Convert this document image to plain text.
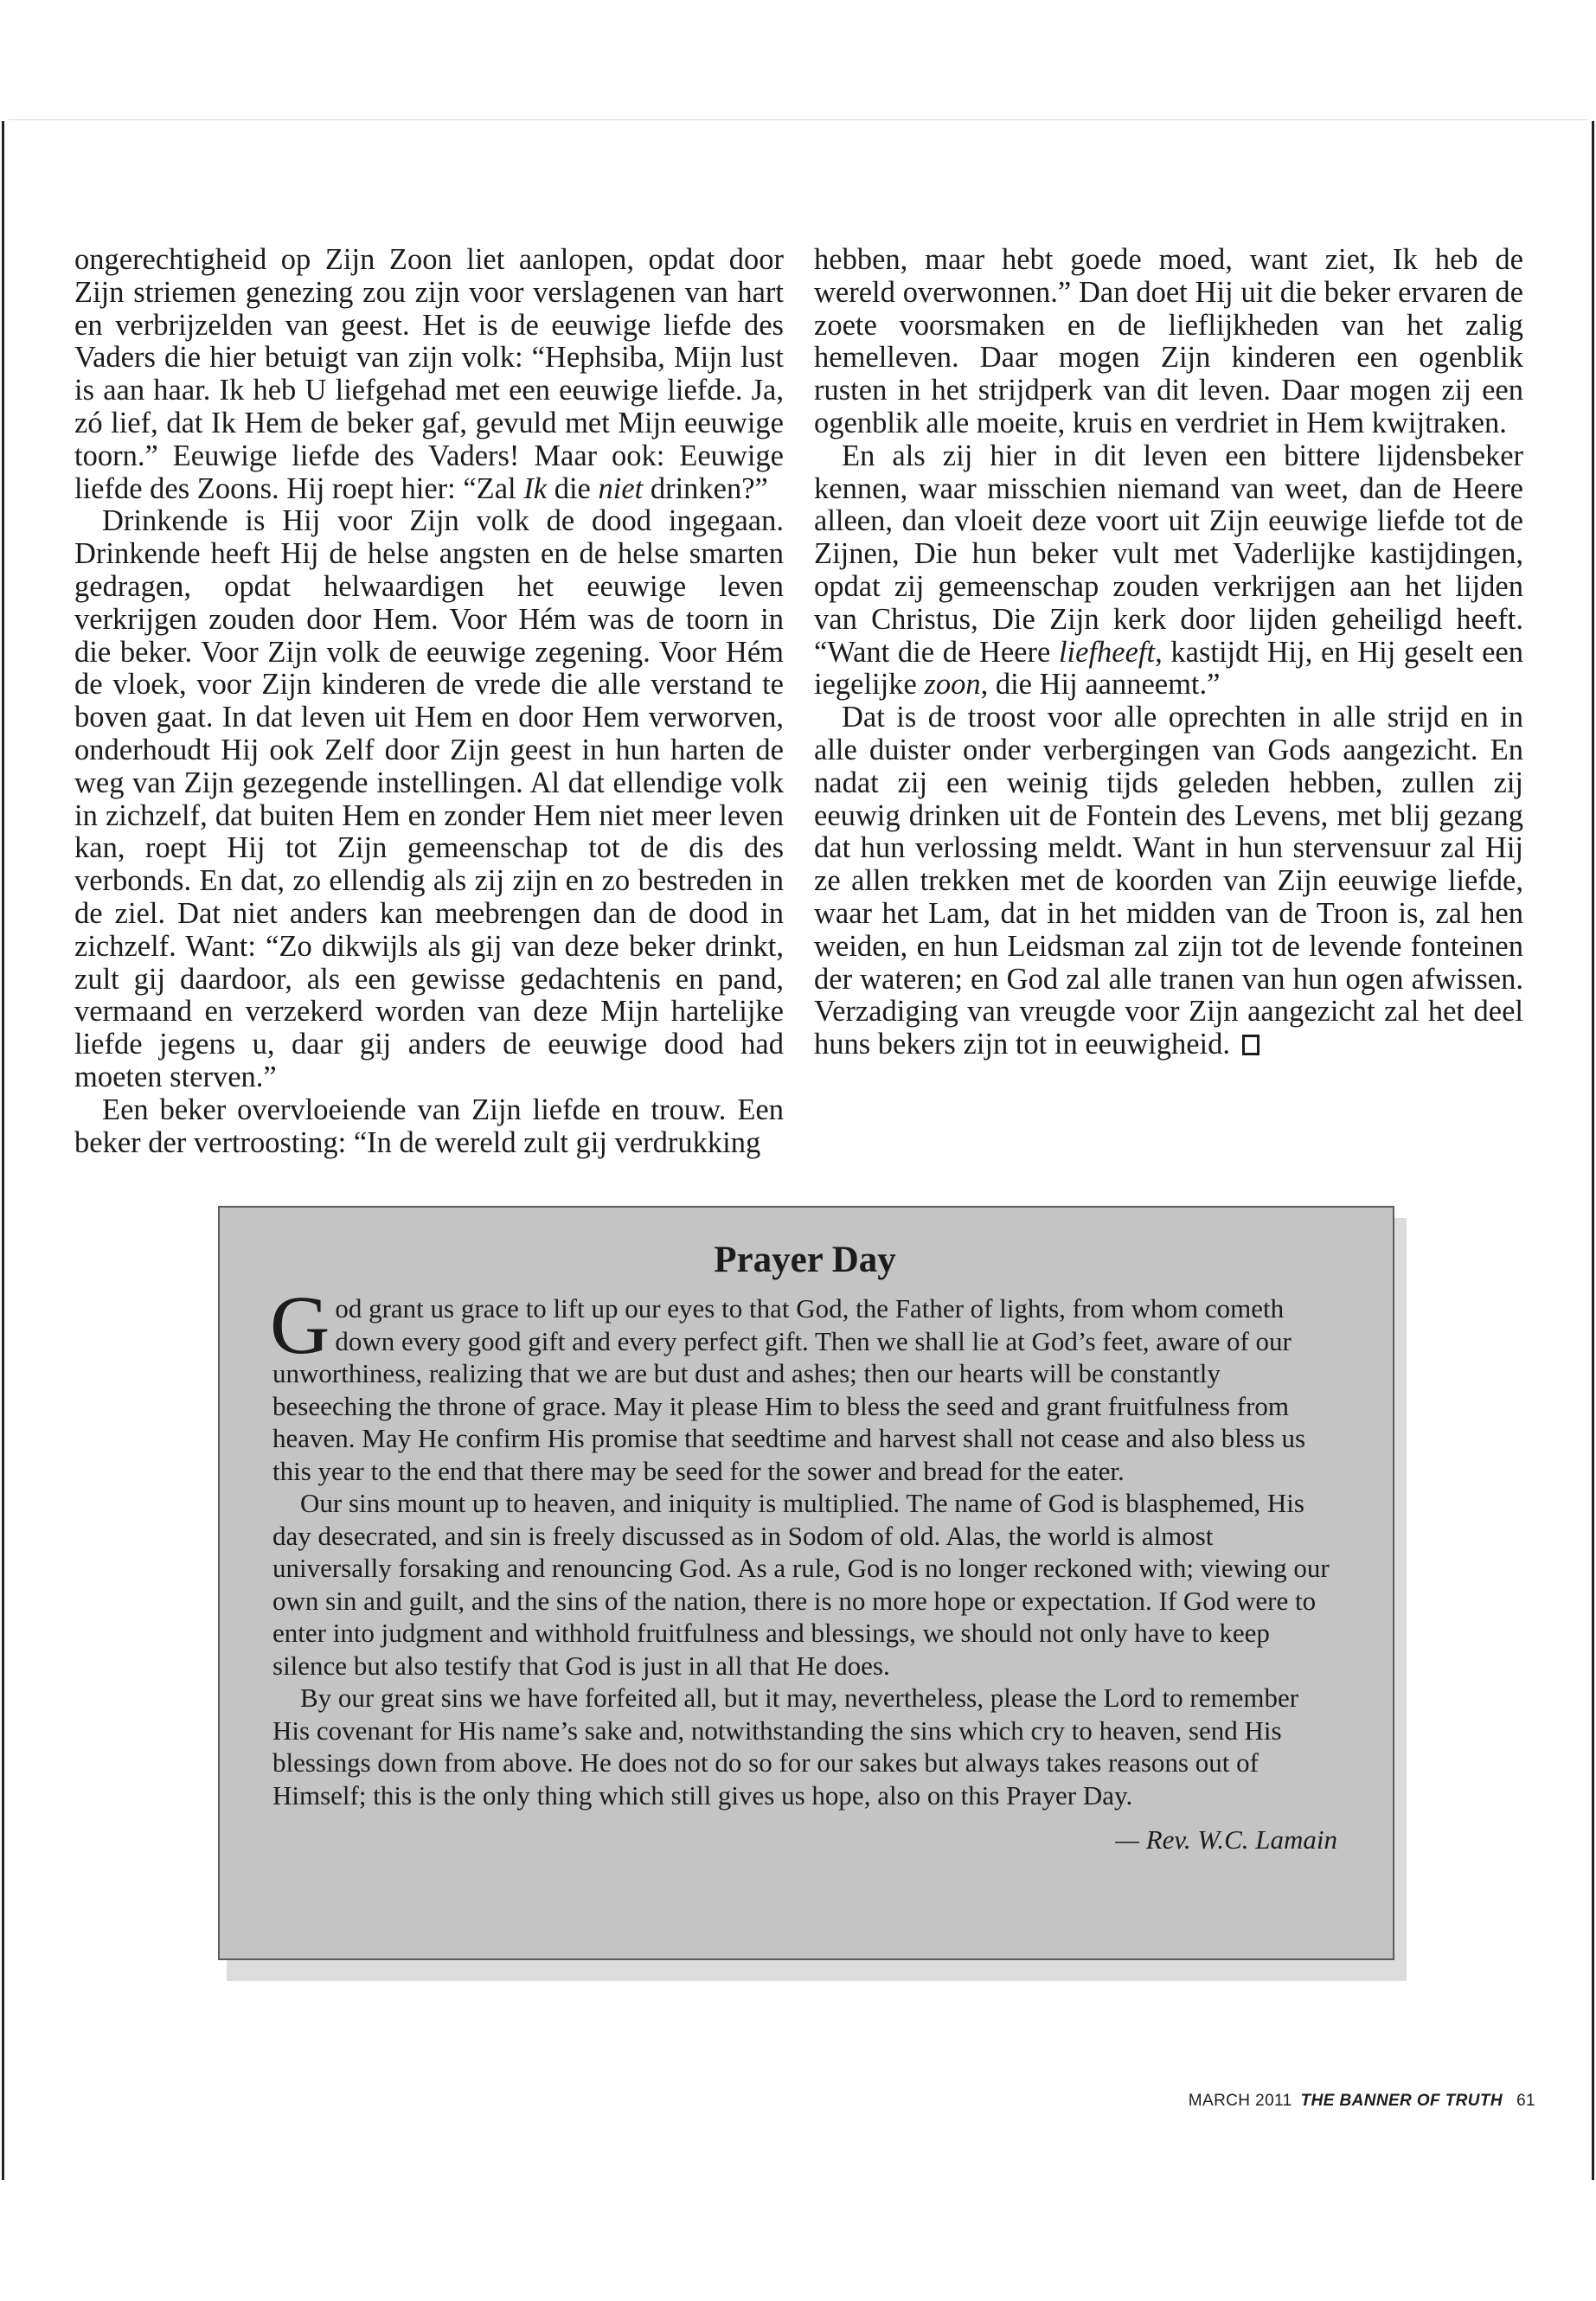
ongerechtigheid op Zijn Zoon liet aanlopen, opdat door Zijn striemen genezing zou zijn voor verslagenen van hart en verbrijzelden van geest. Het is de eeuwige liefde des Vaders die hier betuigt van zijn volk: “Hephsiba, Mijn lust is aan haar. Ik heb U liefgehad met een eeuwige liefde. Ja, zó lief, dat Ik Hem de beker gaf, gevuld met Mijn eeuwige toorn.” Eeuwige liefde des Vaders! Maar ook: Eeuwige liefde des Zoons. Hij roept hier: “Zal Ik die niet drinken?”

Drinkende is Hij voor Zijn volk de dood ingegaan. Drinkende heeft Hij de helse angsten en de helse smarten gedragen, opdat helwaardigen het eeuwige leven verkrijgen zouden door Hem. Voor Hém was de toorn in die beker. Voor Zijn volk de eeuwige zegening. Voor Hém de vloek, voor Zijn kinderen de vrede die alle verstand te boven gaat. In dat leven uit Hem en door Hem verworven, onderhoudt Hij ook Zelf door Zijn geest in hun harten de weg van Zijn gezegende instellingen. Al dat ellendige volk in zichzelf, dat buiten Hem en zonder Hem niet meer leven kan, roept Hij tot Zijn gemeenschap tot de dis des verbonds. En dat, zo ellendig als zij zijn en zo bestreden in de ziel. Dat niet anders kan meebrengen dan de dood in zichzelf. Want: “Zo dikwijls als gij van deze beker drinkt, zult gij daardoor, als een gewisse gedachtenis en pand, vermaand en verzekerd worden van deze Mijn hartelijke liefde jegens u, daar gij anders de eeuwige dood had moeten sterven.”

Een beker overvloeiende van Zijn liefde en trouw. Een beker der vertroosting: “In de wereld zult gij verdrukking

hebben, maar hebt goede moed, want ziet, Ik heb de wereld overwonnen.” Dan doet Hij uit die beker ervaren de zoete voorsmaken en de lieflijkheden van het zalig hemelleven. Daar mogen Zijn kinderen een ogenblik rusten in het strijdperk van dit leven. Daar mogen zij een ogenblik alle moeite, kruis en verdriet in Hem kwijtraken.

En als zij hier in dit leven een bittere lijdensbeker kennen, waar misschien niemand van weet, dan de Heere alleen, dan vloeit deze voort uit Zijn eeuwige liefde tot de Zijnen, Die hun beker vult met Vaderlijke kastijdingen, opdat zij gemeenschap zouden verkrijgen aan het lijden van Christus, Die Zijn kerk door lijden geheiligd heeft. “Want die de Heere liefheeft, kastijdt Hij, en Hij geselt een iegelijke zoon, die Hij aanneemt.”

Dat is de troost voor alle oprechten in alle strijd en in alle duister onder verbergingen van Gods aangezicht. En nadat zij een weinig tijds geleden hebben, zullen zij eeuwig drinken uit de Fontein des Levens, met blij gezang dat hun verlossing meldt. Want in hun stervensuur zal Hij ze allen trekken met de koorden van Zijn eeuwige liefde, waar het Lam, dat in het midden van de Troon is, zal hen weiden, en hun Leidsman zal zijn tot de levende fonteinen der wateren; en God zal alle tranen van hun ogen afwissen. Verzadiging van vreugde voor Zijn aangezicht zal het deel huns bekers zijn tot in eeuwigheid.

Prayer Day

God grant us grace to lift up our eyes to that God, the Father of lights, from whom cometh down every good gift and every perfect gift. Then we shall lie at God’s feet, aware of our unworthiness, realizing that we are but dust and ashes; then our hearts will be constantly beseeching the throne of grace. May it please Him to bless the seed and grant fruitfulness from heaven. May He confirm His promise that seedtime and harvest shall not cease and also bless us this year to the end that there may be seed for the sower and bread for the eater.

Our sins mount up to heaven, and iniquity is multiplied. The name of God is blasphemed, His day desecrated, and sin is freely discussed as in Sodom of old. Alas, the world is almost universally forsaking and renouncing God. As a rule, God is no longer reckoned with; viewing our own sin and guilt, and the sins of the nation, there is no more hope or expectation. If God were to enter into judgment and withhold fruitfulness and blessings, we should not only have to keep silence but also testify that God is just in all that He does.

By our great sins we have forfeited all, but it may, nevertheless, please the Lord to remember His covenant for His name’s sake and, notwithstanding the sins which cry to heaven, send His blessings down from above. He does not do so for our sakes but always takes reasons out of Himself; this is the only thing which still gives us hope, also on this Prayer Day.

— Rev. W.C. Lamain

MARCH 2011 THE BANNER OF TRUTH 61
